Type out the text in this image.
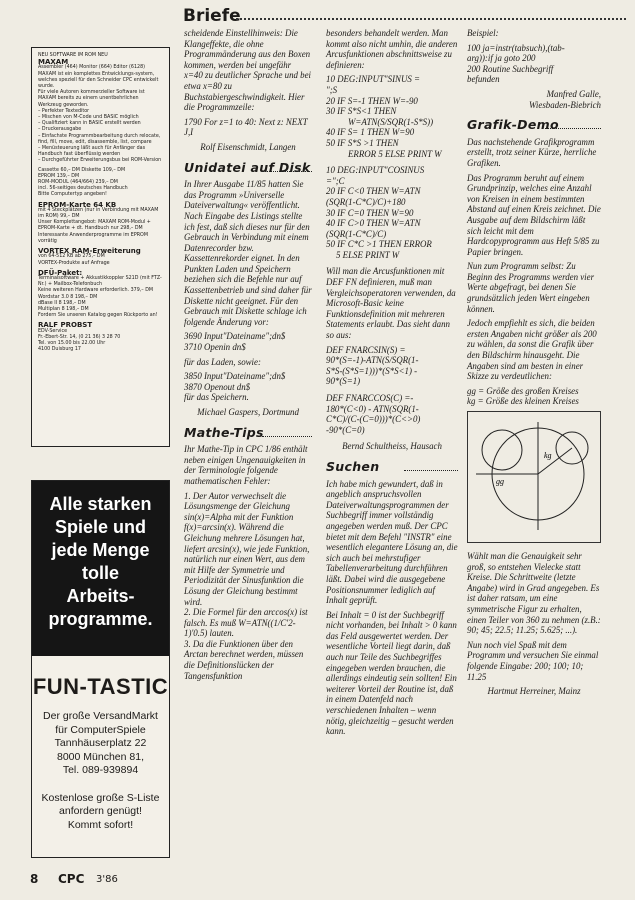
Briefe
NEU SOFTWARE IM ROM NEU
MAXAM
Assembler (464) Monitor (664) Editor (6128)
MAXAM ist ein komplettes Entwicklungs-system, welches speziell für den Schneider CPC entwickelt wurde.
Für viele Autoren kommerzieller Software ist MAXAM bereits zu einem unentbehrlichen Werkzeug geworden.
– Perfekter Texteditor
– Mischen von M-Code und BASIC möglich
– Qualifiziert kann in BASIC erstellt werden
– Druckerausgabe
– Einfachste Programmbearbeitung durch relocate, find, fill, move, edit, disassemble, list, compare
– Menüsteuerung läßt auch für Anfänger das Handbuch fast überflüssig werden
– Durchgeführter Erweiterungsbus bei ROM-Version
Cassette 60,– DM Diskette 109,– DM
EPROM 139,– DM
ROM-MODUL (464/664) 239,– DM
incl. 56-seitiges deutsches Handbuch
Bitte Computertyp angeben!
EPROM-Karte 64 KB
mit 4 Steckplätzen (nur in Verbindung mit MAXAM im ROM) 99,– DM
Unser Komplettangebot: MAXAM ROM-Modul + EPROM-Karte + dt. Handbuch nur 298,– DM
Interessante Anwenderprogramme im EPROM vorrätig
VORTEX RAM-Erweiterung
von 64-512 KB ab 275,– DM
VORTEX-Produkte auf Anfrage
DFÜ-Paket:
Terminalsoftware + Akkustikkoppler S21D (mit FTZ-Nr.) + Mailbox-Telefonbuch
Keine weiteren Hardware erforderlich. 379,– DM
Wordstar 3.0 8 198,– DM
dBase II 8 198,– DM
Multiplan 8 198,– DM
Fordern Sie unseren Katalog gegen Rückporto an!
RALF PROBST
EDV-Service
Fr.-Ebert-Str. 14, (0 21 36) 3 28 70
Tel. von 15.00 bis 22.00 Uhr
4100 Duisburg 17
Alle starken
Spiele und
jede Menge
tolle
Arbeits-
programme.
FUN-TASTIC
Der große VersandMarkt
für ComputerSpiele
Tannhäuserplatz 22
8000 München 81,
Tel. 089-939894
Kostenlose große S-Liste
anfordern genügt!
Kommt sofort!

scheidende Einstellhinweis: Die Klangeffekte, die ohne Programmänderung aus den Boxen kommen, werden bei ungefähr x=40 zu deutlicher Sprache und bei etwa x=80 zu Buchstabiergeschwindigkeit. Hier die Programmzeile:

1790 For z=1 to 40: Next z: NEXT J,I

Rolf Eisenschmidt, Langen

Unidatei auf Disk

In Ihrer Ausgabe 11/85 hatten Sie das Programm »Universelle Dateiverwaltung« veröffentlicht. Nach Eingabe des Listings stellte ich fest, daß sich dieses nur für den Gebrauch in Verbindung mit einem Datenrecorder bzw. Kassettenrekorder eignet. In den Punkten Laden und Speichern beziehen sich die Befehle nur auf Kassettenbetrieb und sind daher für Diskette nicht geeignet. Für den Gebrauch mit Diskette schlage ich folgende Änderung vor:

3690 Input"Dateiname";dn$

3710 Openin dn$

für das Laden, sowie:

3850 Input"Dateiname";dn$

3870 Openout dn$

für das Speichern.

Michael Gaspers, Dortmund

Mathe-Tips

Ihr Mathe-Tip in CPC 1/86 enthält neben einigen Ungenauigkeiten in der Terminologie folgende mathematischen Fehler:

1. Der Autor verwechselt die Lösungsmenge der Gleichung sin(x)=Alpha mit der Funktion f(x)=arcsin(x). Während die Gleichung mehrere Lösungen hat, liefert arcsin(x), wie jede Funktion, natürlich nur einen Wert, aus dem mit Hilfe der Symmetrie und Periodizität der Sinusfunktion die Lösung der Gleichung bestimmt wird.

2. Die Formel für den arccos(x) ist falsch. Es muß W=ATN((1/C'2-1)'0.5) lauten.

3. Da die Funktionen über den Arctan berechnet werden, müssen die Definitionslücken der Tangensfunktion

besonders behandelt werden. Man kommt also nicht umhin, die anderen Arcusfunktionen abschnittsweise zu definieren:

10 DEG:INPUT"SINUS =
";S
20 IF S=-1 THEN W=-90
30 IF S*S<1 THEN
W=ATN(S/SQR(1-S*S))
40 IF S= 1 THEN W=90
50 IF S*S >1 THEN
ERROR 5 ELSE PRINT W
10 DEG:INPUT"COSINUS
=";C
20 IF C<0 THEN W=ATN
(SQR(1-C*C)/C)+180
30 IF C=0 THEN W=90
40 IF C>0 THEN W=ATN
(SQR(1-C*C)/C)
50 IF C*C >1 THEN ERROR
5 ELSE PRINT W

Will man die Arcusfunktionen mit DEF FN definieren, muß man Vergleichsoperatoren verwenden, da Microsoft-Basic keine Funktionsdefinition mit mehreren Statements erlaubt. Das sieht dann so aus:

DEF FNARCSIN(S) =
90*(S=-1)-ATN(S/SQR(1-
S*S-(S*S=1)))*(S*S<1) -
90*(S=1)
DEF FNARCCOS(C) =-
180*(C<0) - ATN(SQR(1-
C*C)/(C-(C=0)))*(C<>0)
-90*(C=0)

Bernd Schultheiss, Hausach

Suchen

Ich habe mich gewundert, daß in angeblich anspruchsvollen Dateiverwaltungsprogrammen der Suchbegriff immer vollständig angegeben werden muß. Der CPC bietet mit dem Befehl "INSTR" eine wesentlich elegantere Lösung an, die sich auch bei mehrstufiger Tabellenverarbeitung durchführen läßt. Dabei wird die ausgegebene Positionsnummer lediglich auf Inhalt geprüft.

Bei Inhalt = 0 ist der Suchbegriff nicht vorhanden, bei Inhalt > 0 kann das Feld ausgewertet werden. Der wesentliche Vorteil liegt darin, daß auch nur Teile des Suchbegriffes eingegeben werden brauchen, die allerdings eindeutig sein sollten! Ein weiterer Vorteil der Routine ist, daß in einem Datenfeld nach verschiedenen Inhalten – wenn nötig, gleichzeitig – gesucht werden kann.

Beispiel:

100 ja=instr(tabsuch),(tab-
arg)):if ja goto 200
200 Routine Suchbegriff
befunden
Manfred Galle,
Wiesbaden-Biebrich
Grafik-Demo

Das nachstehende Grafikprogramm erstellt, trotz seiner Kürze, herrliche Grafiken.

Das Programm beruht auf einem Grundprinzip, welches eine Anzahl von Kreisen in einem bestimmten Abstand auf einen Kreis zeichnet. Die Ausgabe auf dem Bildschirm läßt sich leicht mit dem Hardcopyprogramm aus Heft 5/85 zu Papier bringen.

Nun zum Programm selbst: Zu Beginn des Programms werden vier Werte abgefragt, bei denen Sie grundsätzlich jeden Wert eingeben können.

Jedoch empfiehlt es sich, die beiden ersten Angaben nicht größer als 200 zu wählen, da sonst die Grafik über den Bildschirm hinausgeht. Die Angaben sind am besten in einer Skizze zu verdeutlichen:

gg = Größe des großen Kreises

kg = Größe des kleinen Kreises

kg
gg

Wählt man die Genauigkeit sehr groß, so entstehen Vielecke statt Kreise. Die Schrittweite (letzte Angabe) wird in Grad angegeben. Es ist daher ratsam, um eine symmetrische Figur zu erhalten, einen Teiler von 360 zu nehmen (z.B.: 90; 45; 22.5; 11.25; 5.625; ...).

Nun noch viel Spaß mit dem Programm und versuchen Sie einmal folgende Eingabe: 200; 100; 10; 11.25

Hartmut Herreiner, Mainz

8 CPC 3'86
